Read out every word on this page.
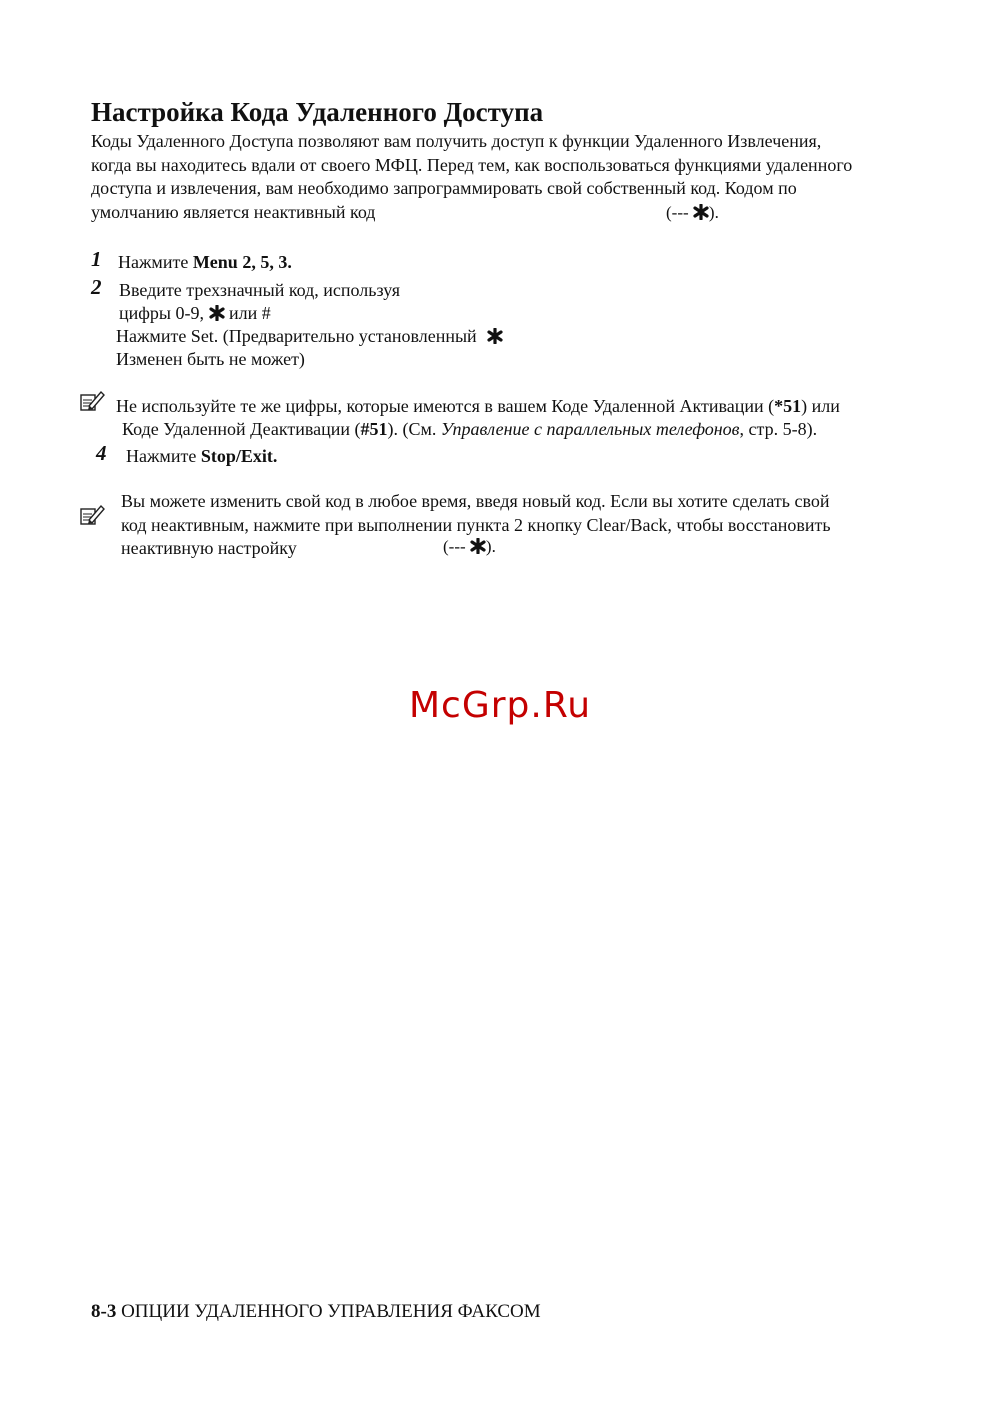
Настройка Кода Удаленного Доступа
Коды Удаленного Доступа позволяют вам получить доступ к функции Удаленного Извлечения,
когда вы находитесь вдали от своего МФЦ. Перед тем, как воспользоваться функциями удаленного
доступа и извлечения, вам необходимо запрограммировать свой собственный код. Кодом по
умолчанию является неактивный код	(--- ).
1 Нажмите Menu 2, 5, 3.
2 Введите трехзначный код, используя
цифры 0-9, или #
Нажмите Set. (Предварительно установленный
Изменен быть не может)
Не используйте те же цифры, которые имеются в вашем Коде Удаленной Активации (*51) или
Коде Удаленной Деактивации (#51). (См. Управление с параллельных телефонов, стр. 5-8).
4 Нажмите Stop/Exit.
Вы можете изменить свой код в любое время, введя новый код. Если вы хотите сделать свой
код неактивным, нажмите при выполнении пункта 2 кнопку Clear/Back, чтобы восстановить
неактивную настройку	(--- ).
McGrp.Ru
8-3 ОПЦИИ УДАЛЕННОГО УПРАВЛЕНИЯ ФАКСОМ
